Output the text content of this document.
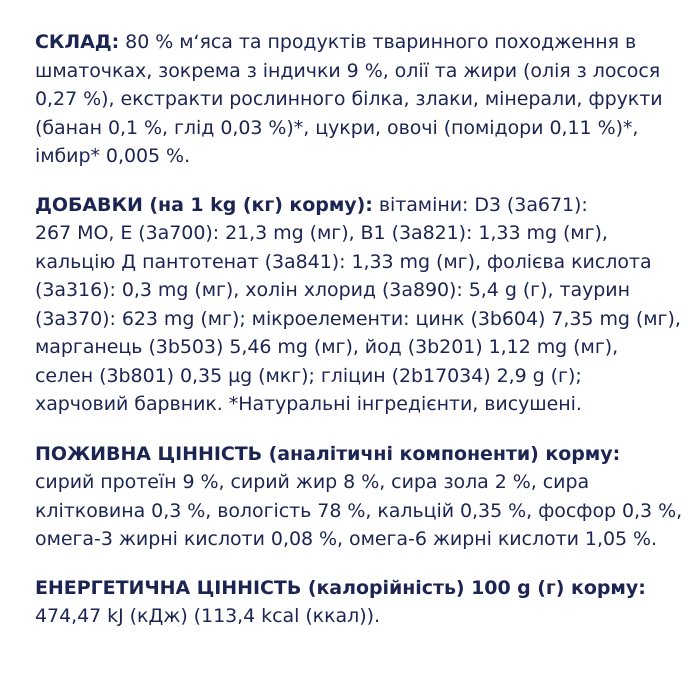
СКЛАД: 80 % м‘яса та продуктів тваринного походження в
шматочках, зокрема з індички 9 %, олії та жири (олія з лосося
0,27 %), екстракти рослинного білка, злаки, мінерали, фрукти
(банан 0,1 %, глід 0,03 %)*, цукри, овочі (помідори 0,11 %)*,
імбир* 0,005 %.

ДОБАВКИ (на 1 kg (кг) корму): вітаміни: D3 (3a671):
267 МО, Е (3a700): 21,3 mg (мг), B1 (3a821): 1,33 mg (мг),
кальцію Д пантотенат (3a841): 1,33 mg (мг), фолієва кислота
(3a316): 0,3 mg (мг), холін хлорид (3a890): 5,4 g (г), таурин
(3a370): 623 mg (мг); мікроелементи: цинк (3b604) 7,35 mg (мг),
марганець (3b503) 5,46 mg (мг), йод (3b201) 1,12 mg (мг),
селен (3b801) 0,35 µg (мкг); гліцин (2b17034) 2,9 g (г);
харчовий барвник. *Натуральні інгредієнти, висушені.

ПОЖИВНА ЦІННІСТЬ (аналітичні компоненти) корму:
сирий протеїн 9 %, сирий жир 8 %, сира зола 2 %, сира
клітковина 0,3 %, вологість 78 %, кальцій 0,35 %, фосфор 0,3 %,
омега-3 жирні кислоти 0,08 %, омега-6 жирні кислоти 1,05 %.

ЕНЕРГЕТИЧНА ЦІННІСТЬ (калорійність) 100 g (г) корму:
474,47 kJ (кДж) (113,4 kcal (ккал)).
